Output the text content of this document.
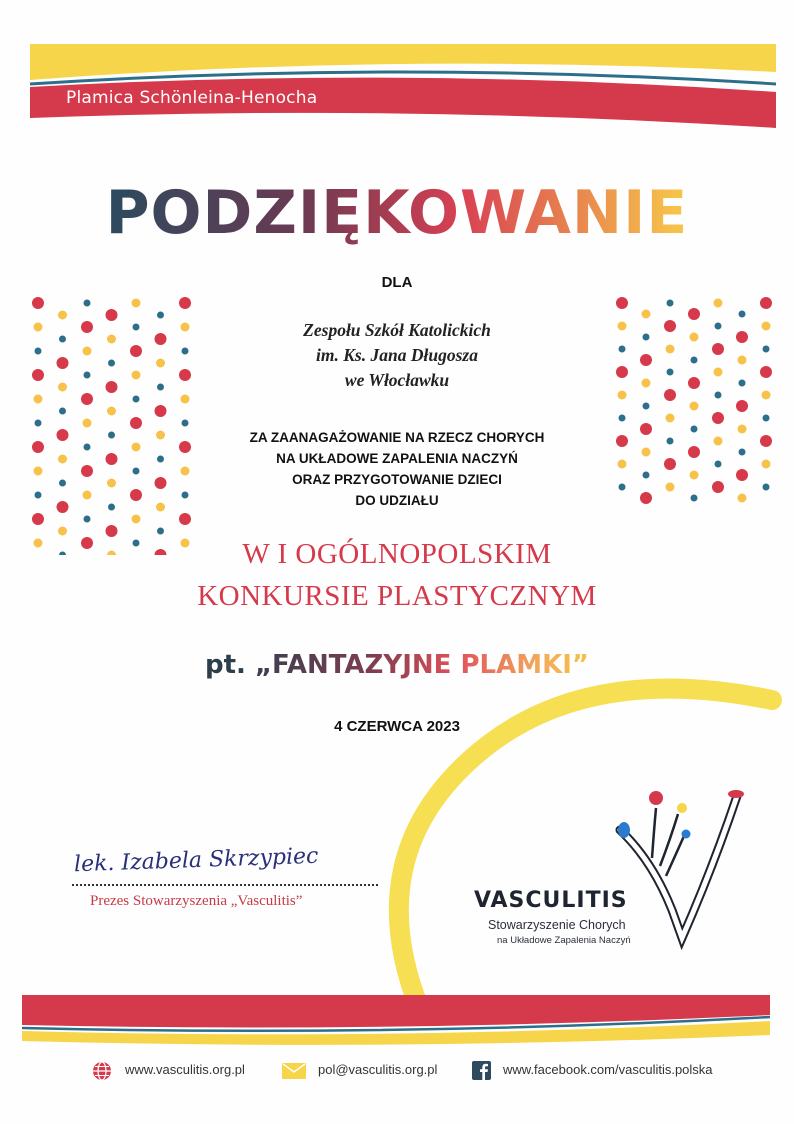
Plamica Schönleina-Henocha
PODZIĘKOWANIE
DLA
Zespołu Szkół Katolickich
im. Ks. Jana Długosza
we Włocławku
ZA ZAANAGAŻOWANIE NA RZECZ CHORYCH
NA UKŁADOWE ZAPALENIA NACZYŃ
ORAZ PRZYGOTOWANIE DZIECI
DO UDZIAŁU
W I OGÓLNOPOLSKIM
KONKURSIE PLASTYCZNYM
pt. „FANTAZYJNE PLAMKI”
4 CZERWCA 2023
lek. Izabela Skrzypiec
Prezes Stowarzyszenia „Vasculitis”	VASCULITIS
Stowarzyszenie Chorych
na Układowe Zapalenia Naczyń
www.vasculitis.org.pl	pol@vasculitis.org.pl	www.facebook.com/vasculitis.polska
